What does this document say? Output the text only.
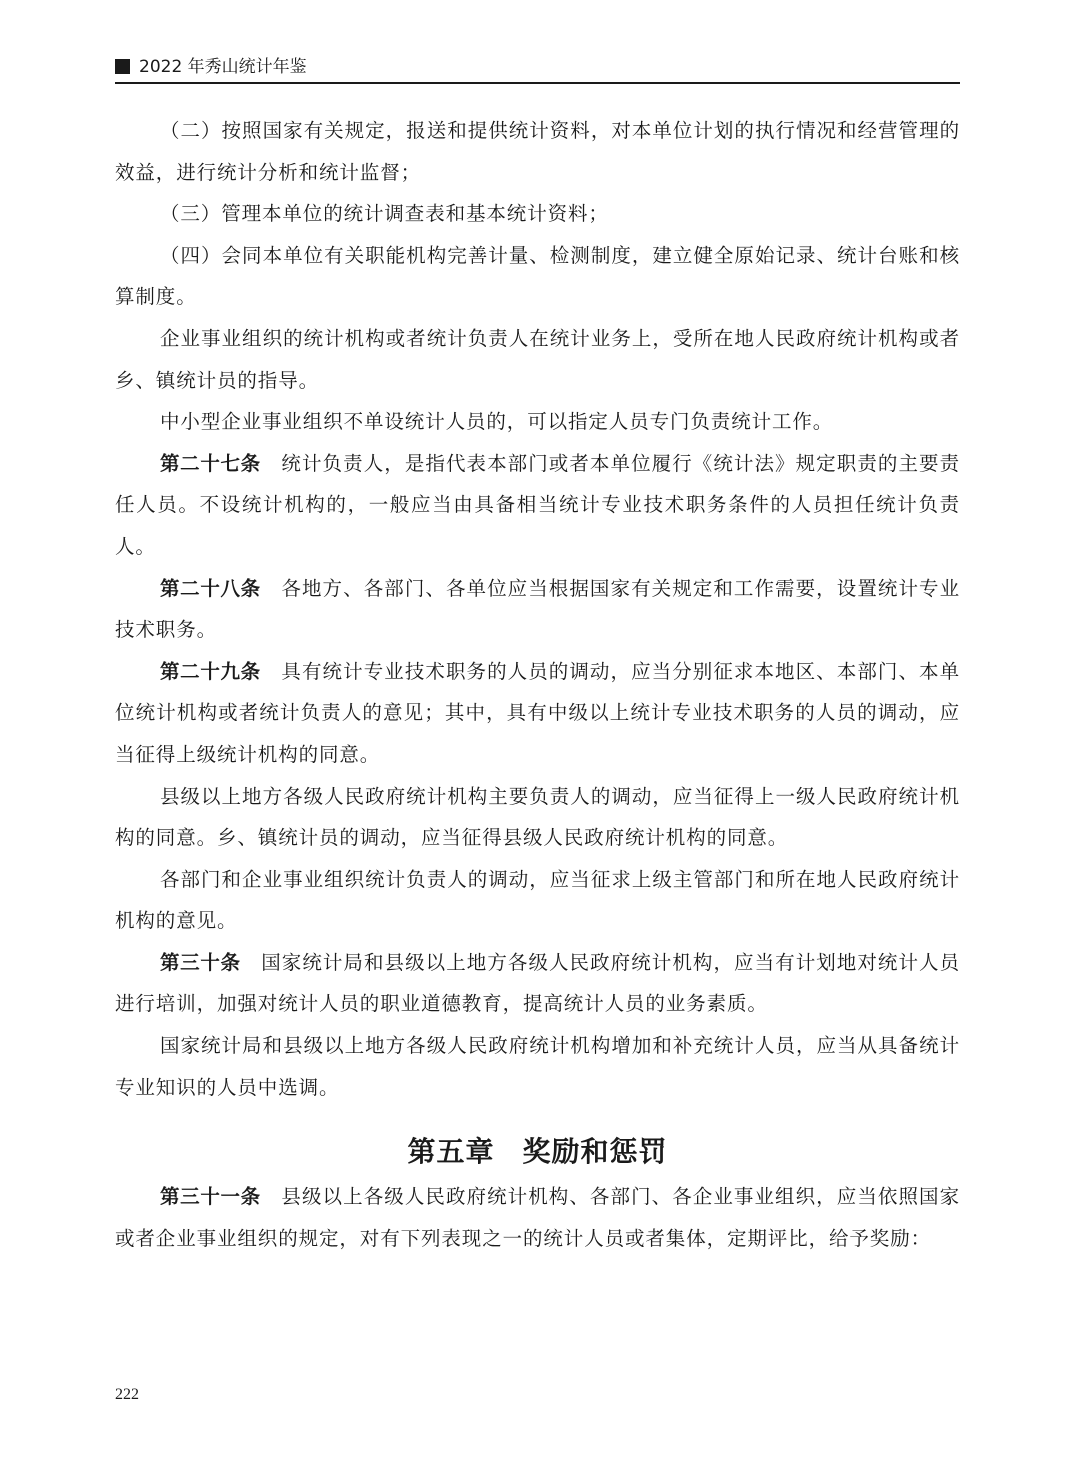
2022 年秀山统计年鉴

（二）按照国家有关规定，报送和提供统计资料，对本单位计划的执行情况和经营管理的效益，进行统计分析和统计监督；

（三）管理本单位的统计调查表和基本统计资料；

（四）会同本单位有关职能机构完善计量、检测制度，建立健全原始记录、统计台账和核算制度。

企业事业组织的统计机构或者统计负责人在统计业务上，受所在地人民政府统计机构或者乡、镇统计员的指导。

中小型企业事业组织不单设统计人员的，可以指定人员专门负责统计工作。

第二十七条  统计负责人，是指代表本部门或者本单位履行《统计法》规定职责的主要责任人员。不设统计机构的，一般应当由具备相当统计专业技术职务条件的人员担任统计负责人。

第二十八条  各地方、各部门、各单位应当根据国家有关规定和工作需要，设置统计专业技术职务。

第二十九条  具有统计专业技术职务的人员的调动，应当分别征求本地区、本部门、本单位统计机构或者统计负责人的意见；其中，具有中级以上统计专业技术职务的人员的调动，应当征得上级统计机构的同意。

县级以上地方各级人民政府统计机构主要负责人的调动，应当征得上一级人民政府统计机构的同意。乡、镇统计员的调动，应当征得县级人民政府统计机构的同意。

各部门和企业事业组织统计负责人的调动，应当征求上级主管部门和所在地人民政府统计机构的意见。

第三十条  国家统计局和县级以上地方各级人民政府统计机构，应当有计划地对统计人员进行培训，加强对统计人员的职业道德教育，提高统计人员的业务素质。

国家统计局和县级以上地方各级人民政府统计机构增加和补充统计人员，应当从具备统计专业知识的人员中选调。

第五章 奖励和惩罚

第三十一条  县级以上各级人民政府统计机构、各部门、各企业事业组织，应当依照国家或者企业事业组织的规定，对有下列表现之一的统计人员或者集体，定期评比，给予奖励：

222
